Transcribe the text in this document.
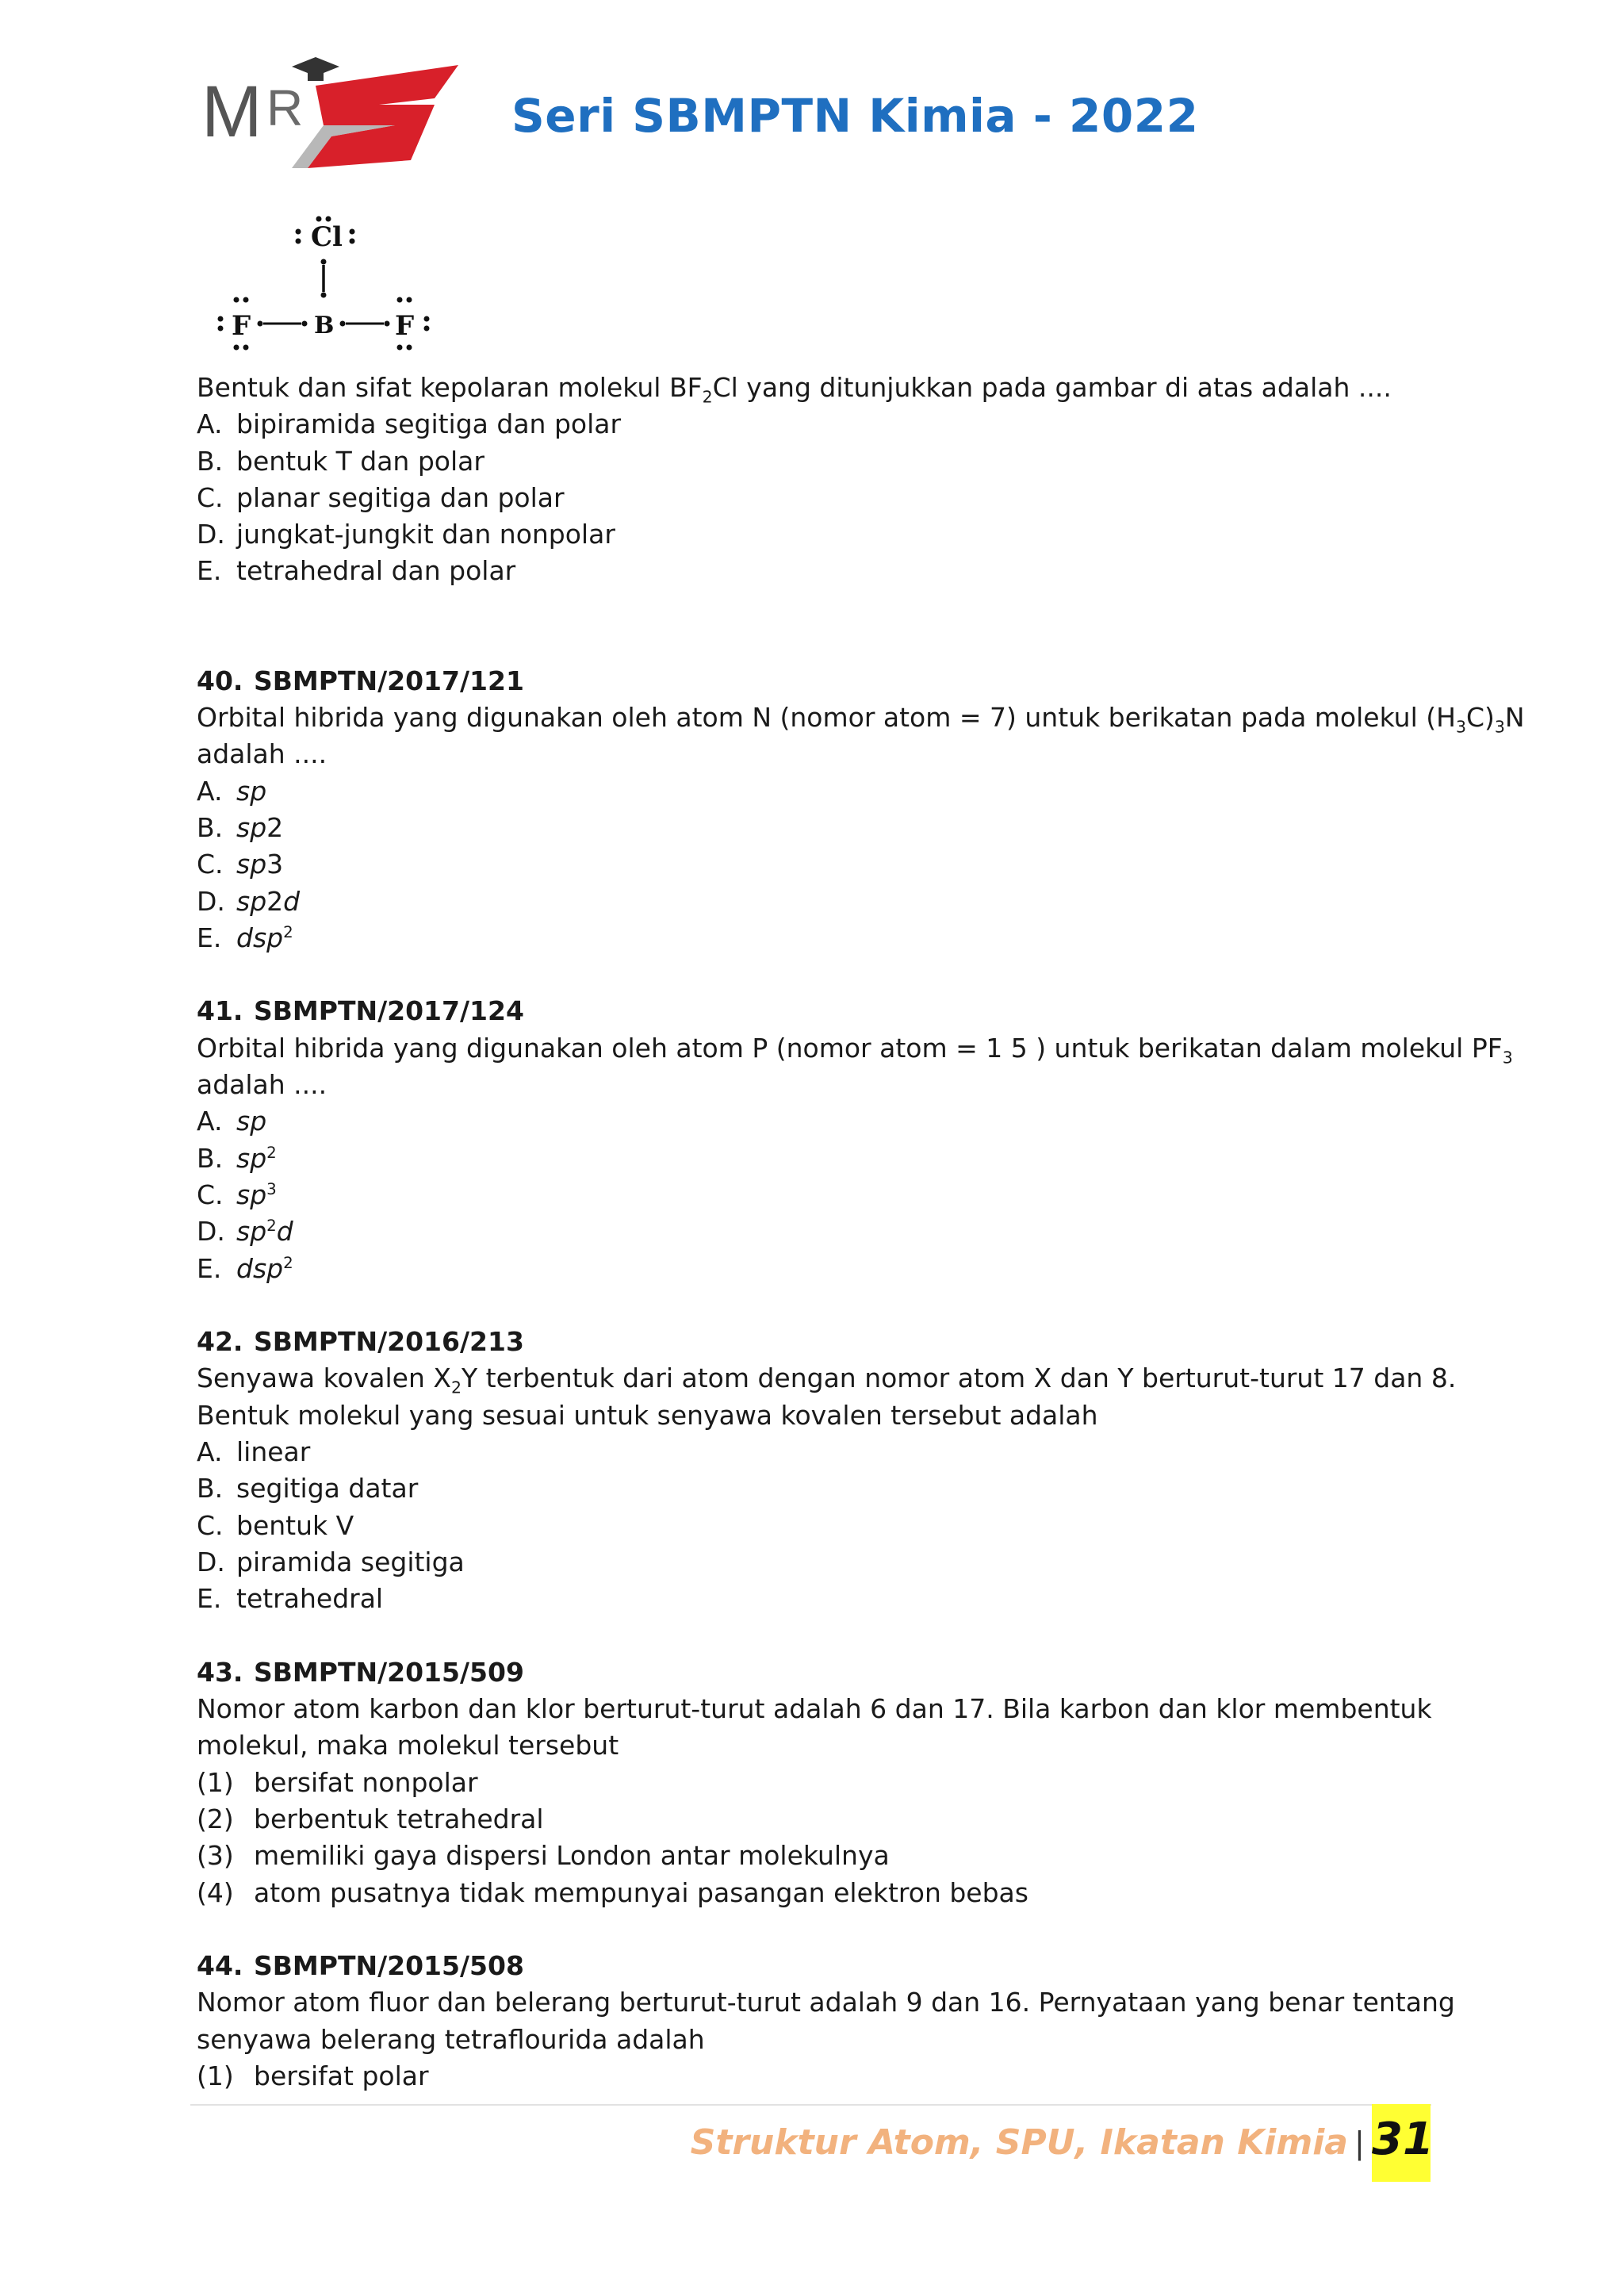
M R	Seri SBMPTN Kimia - 2022
Cl
B
F	F
Bentuk dan sifat kepolaran molekul $BF_2Cl$ yang ditunjukkan pada gambar di atas adalah ....
A. bipiramida segitiga dan polar
B. bentuk T dan polar
C. planar segitiga dan polar
D. jungkat-jungkit dan nonpolar
E. tetrahedral dan polar
40. SBMPTN/2017/121
Orbital hibrida yang digunakan oleh atom N (nomor atom = 7) untuk berikatan pada molekul $(H_3C)_3N$
adalah ....
A. sp
B. sp2
C. sp3
D. sp2d
E. dsp$^2$
41. SBMPTN/2017/124
Orbital hibrida yang digunakan oleh atom P (nomor atom = 1 5 ) untuk berikatan dalam molekul $PF_3$
adalah ....
A. sp
B. $sp^2$
C. $sp^3$
D. $sp^2d$
E. dsp$^2$
42. SBMPTN/2016/213
Senyawa kovalen $X_2Y$ terbentuk dari atom dengan nomor atom X dan Y berturut-turut 17 dan 8.
Bentuk molekul yang sesuai untuk senyawa kovalen tersebut adalah
A. linear
B. segitiga datar
C. bentuk V
D. piramida segitiga
E. tetrahedral
43. SBMPTN/2015/509
Nomor atom karbon dan klor berturut-turut adalah 6 dan 17. Bila karbon dan klor membentuk
molekul, maka molekul tersebut
(1) bersifat nonpolar
(2) berbentuk tetrahedral
(3) memiliki gaya dispersi London antar molekulnya
(4) atom pusatnya tidak mempunyai pasangan elektron bebas
44. SBMPTN/2015/508
Nomor atom fluor dan belerang berturut-turut adalah 9 dan 16. Pernyataan yang benar tentang
senyawa belerang tetraflourida adalah
(1) bersifat polar
Struktur Atom, SPU, Ikatan Kimia | 31
